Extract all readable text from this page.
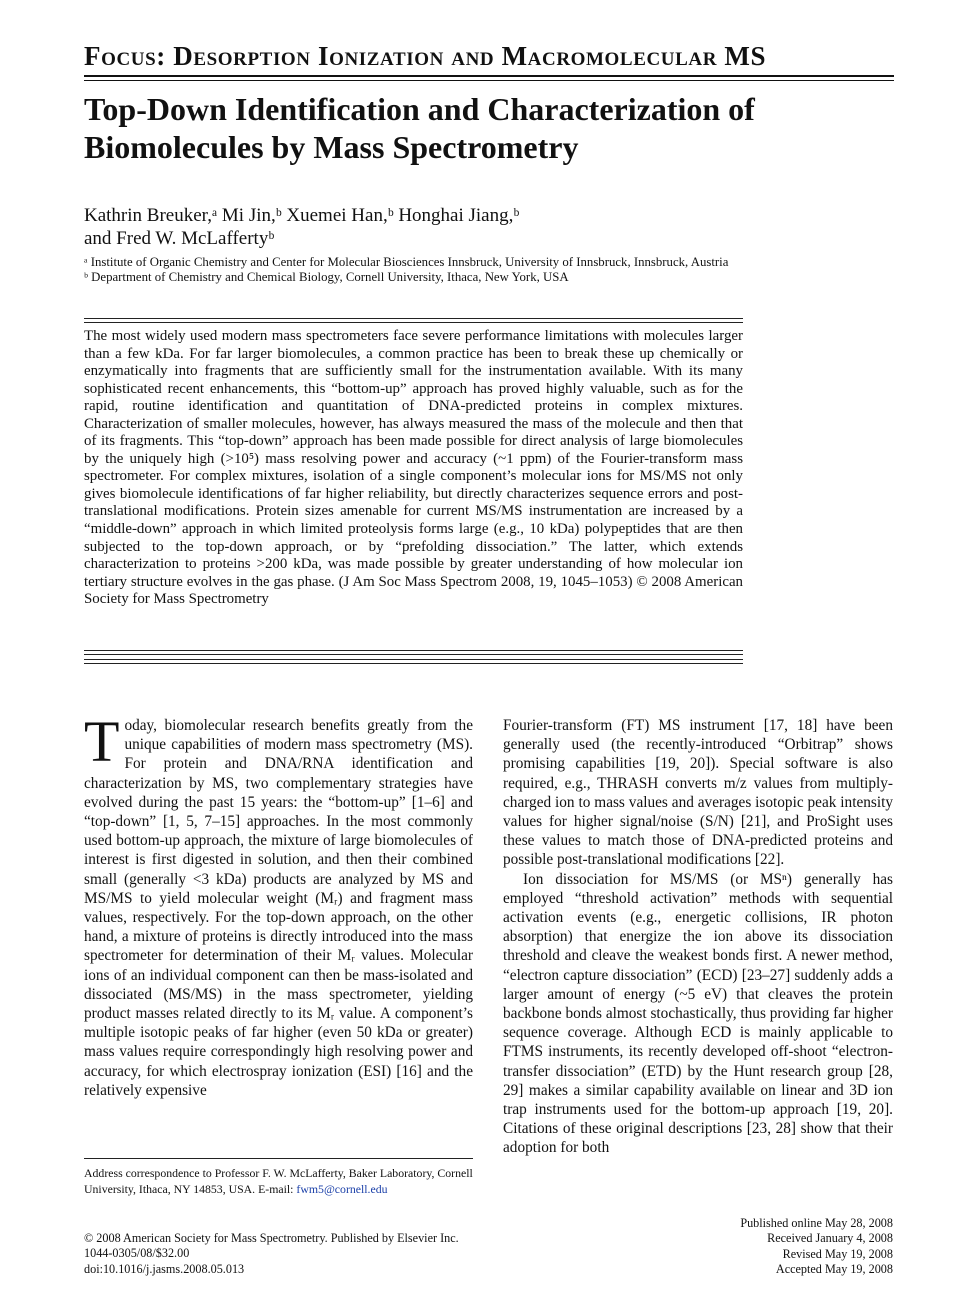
Focus: Desorption Ionization and Macromolecular MS
Top-Down Identification and Characterization of Biomolecules by Mass Spectrometry
Kathrin Breuker,ᵃ Mi Jin,ᵇ Xuemei Han,ᵇ Honghai Jiang,ᵇ
and Fred W. McLaffertyᵇ

ᵃ Institute of Organic Chemistry and Center for Molecular Biosciences Innsbruck, University of Innsbruck, Innsbruck, Austria

ᵇ Department of Chemistry and Chemical Biology, Cornell University, Ithaca, New York, USA

The most widely used modern mass spectrometers face severe performance limitations with molecules larger than a few kDa. For far larger biomolecules, a common practice has been to break these up chemically or enzymatically into fragments that are sufficiently small for the instrumentation available. With its many sophisticated recent enhancements, this “bottom-up” approach has proved highly valuable, such as for the rapid, routine identification and quantitation of DNA-predicted proteins in complex mixtures. Characterization of smaller molecules, however, has always measured the mass of the molecule and then that of its fragments. This “top-down” approach has been made possible for direct analysis of large biomolecules by the uniquely high (>10⁵) mass resolving power and accuracy (~1 ppm) of the Fourier-transform mass spectrometer. For complex mixtures, isolation of a single component’s molecular ions for MS/MS not only gives biomolecule identifications of far higher reliability, but directly characterizes sequence errors and post-translational modifications. Protein sizes amenable for current MS/MS instrumentation are increased by a “middle-down” approach in which limited proteolysis forms large (e.g., 10 kDa) polypeptides that are then subjected to the top-down approach, or by “prefolding dissociation.” The latter, which extends characterization to proteins >200 kDa, was made possible by greater understanding of how molecular ion tertiary structure evolves in the gas phase. (J Am Soc Mass Spectrom 2008, 19, 1045–1053) © 2008 American Society for Mass Spectrometry

Today, biomolecular research benefits greatly from the unique capabilities of modern mass spectrometry (MS). For protein and DNA/RNA identification and characterization by MS, two complementary strategies have evolved during the past 15 years: the “bottom-up” [1–6] and “top-down” [1, 5, 7–15] approaches. In the most commonly used bottom-up approach, the mixture of large biomolecules of interest is first digested in solution, and then their combined small (generally <3 kDa) products are analyzed by MS and MS/MS to yield molecular weight (Mᵣ) and fragment mass values, respectively. For the top-down approach, on the other hand, a mixture of proteins is directly introduced into the mass spectrometer for determination of their Mᵣ values. Molecular ions of an individual component can then be mass-isolated and dissociated (MS/MS) in the mass spectrometer, yielding product masses related directly to its Mᵣ value. A component’s multiple isotopic peaks of far higher (even 50 kDa or greater) mass values require correspondingly high resolving power and accuracy, for which electrospray ionization (ESI) [16] and the relatively expensive

Fourier-transform (FT) MS instrument [17, 18] have been generally used (the recently-introduced “Orbitrap” shows promising capabilities [19, 20]). Special software is also required, e.g., THRASH converts m/z values from multiply-charged ion to mass values and averages isotopic peak intensity values for higher signal/noise (S/N) [21], and ProSight uses these values to match those of DNA-predicted proteins and possible post-translational modifications [22].

Ion dissociation for MS/MS (or MSⁿ) generally has employed “threshold activation” methods with sequential activation events (e.g., energetic collisions, IR photon absorption) that energize the ion above its dissociation threshold and cleave the weakest bonds first. A newer method, “electron capture dissociation” (ECD) [23–27] suddenly adds a larger amount of energy (~5 eV) that cleaves the protein backbone bonds almost stochastically, thus providing far higher sequence coverage. Although ECD is mainly applicable to FTMS instruments, its recently developed off-shoot “electron-transfer dissociation” (ETD) by the Hunt research group [28, 29] makes a similar capability available on linear and 3D ion trap instruments used for the bottom-up approach [19, 20]. Citations of these original descriptions [23, 28] show that their adoption for both

Address correspondence to Professor F. W. McLafferty, Baker Laboratory, Cornell University, Ithaca, NY 14853, USA. E-mail: fwm5@cornell.edu
© 2008 American Society for Mass Spectrometry. Published by Elsevier Inc.
1044-0305/08/$32.00
doi:10.1016/j.jasms.2008.05.013
Published online May 28, 2008
Received January 4, 2008
Revised May 19, 2008
Accepted May 19, 2008
